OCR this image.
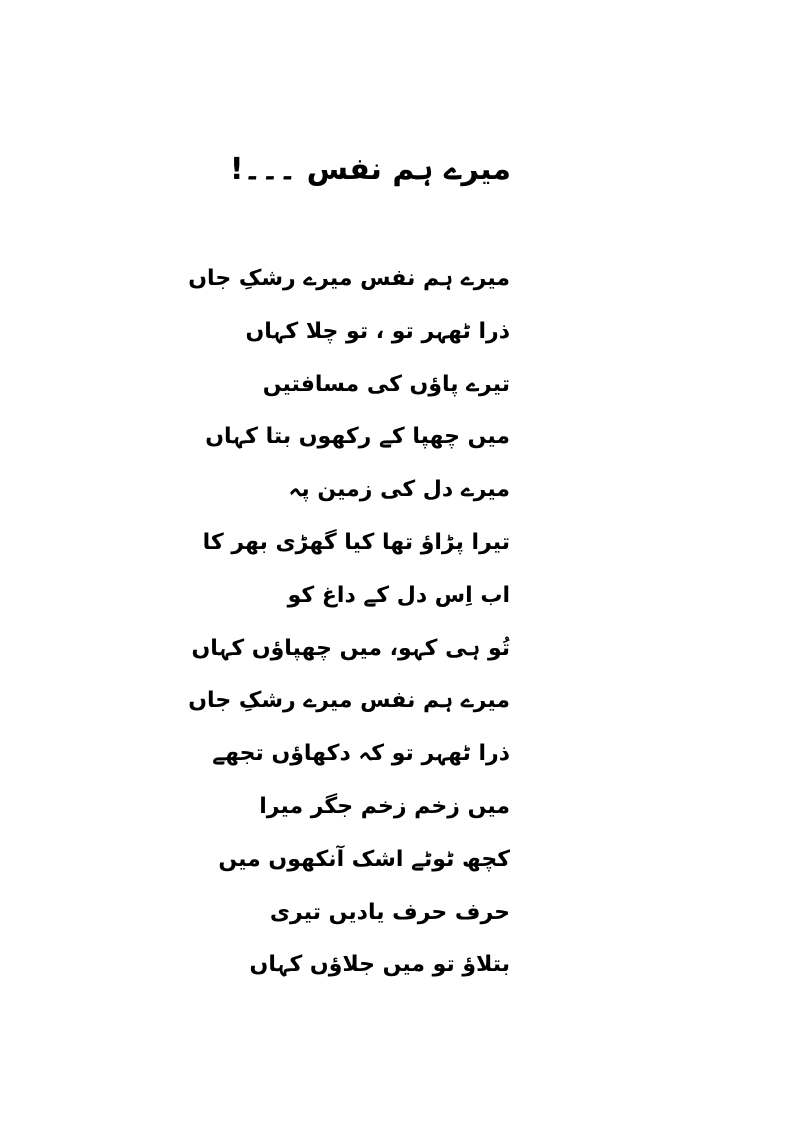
میرے ہم نفس ۔۔۔!
میرے ہم نفس میرے رشکِ جاں
ذرا ٹھہر تو ، تو چلا کہاں
تیرے پاؤں کی مسافتیں
میں چھپا کے رکھوں بتا کہاں
میرے دل کی زمین پہ
تیرا پڑاؤ تھا کیا گھڑی بھر کا
اب اِس دل کے داغ کو
تُو ہی کہو، میں چھپاؤں کہاں
میرے ہم نفس میرے رشکِ جاں
ذرا ٹھہر تو کہ دکھاؤں تجھے
میں زخم زخم جگر میرا
کچھ ٹوٹے اشک آنکھوں میں
حرف حرف یادیں تیری
بتلاؤ تو میں جلاؤں کہاں
